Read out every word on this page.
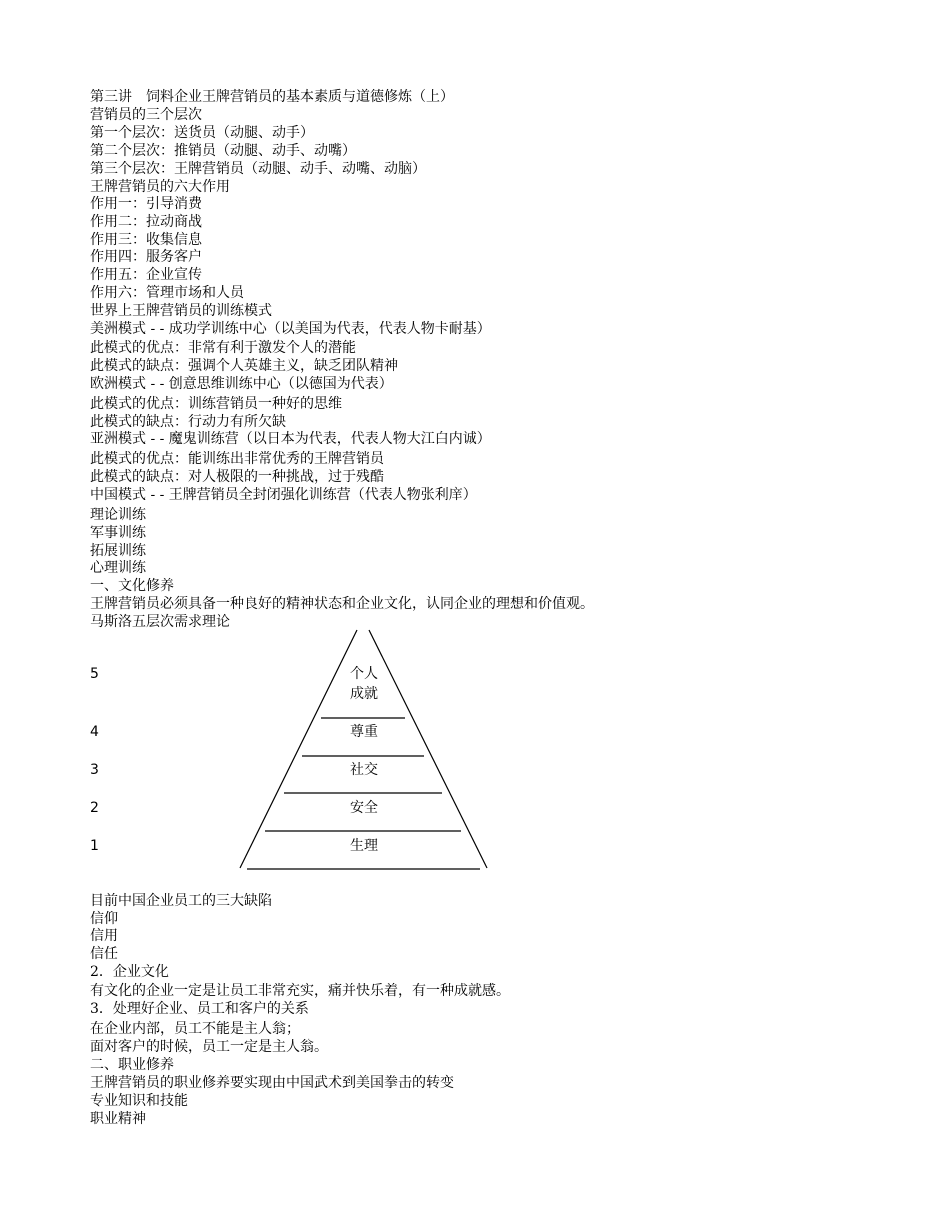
第三讲　饲料企业王牌营销员的基本素质与道德修炼（上）
营销员的三个层次
第一个层次：送货员（动腿、动手）
第二个层次：推销员（动腿、动手、动嘴）
第三个层次：王牌营销员（动腿、动手、动嘴、动脑）
王牌营销员的六大作用
作用一：引导消费
作用二：拉动商战
作用三：收集信息
作用四：服务客户
作用五：企业宣传
作用六：管理市场和人员
世界上王牌营销员的训练模式
美洲模式 - - 成功学训练中心（以美国为代表，代表人物卡耐基）
此模式的优点：非常有利于激发个人的潜能
此模式的缺点：强调个人英雄主义，缺乏团队精神
欧洲模式 - - 创意思维训练中心（以德国为代表）
此模式的优点：训练营销员一种好的思维
此模式的缺点：行动力有所欠缺
亚洲模式 - - 魔鬼训练营（以日本为代表，代表人物大江白内诚）
此模式的优点：能训练出非常优秀的王牌营销员
此模式的缺点：对人极限的一种挑战，过于残酷
中国模式 - - 王牌营销员全封闭强化训练营（代表人物张利庠）
理论训练
军事训练
拓展训练
心理训练
一、文化修养
王牌营销员必须具备一种良好的精神状态和企业文化，认同企业的理想和价值观。
马斯洛五层次需求理论
5
4
3
2
1
个人
成就
尊重
社交
安全
生理
目前中国企业员工的三大缺陷
信仰
信用
信任
2．企业文化
有文化的企业一定是让员工非常充实，痛并快乐着，有一种成就感。
3．处理好企业、员工和客户的关系
在企业内部，员工不能是主人翁；
面对客户的时候，员工一定是主人翁。
二、职业修养
王牌营销员的职业修养要实现由中国武术到美国拳击的转变
专业知识和技能
职业精神
